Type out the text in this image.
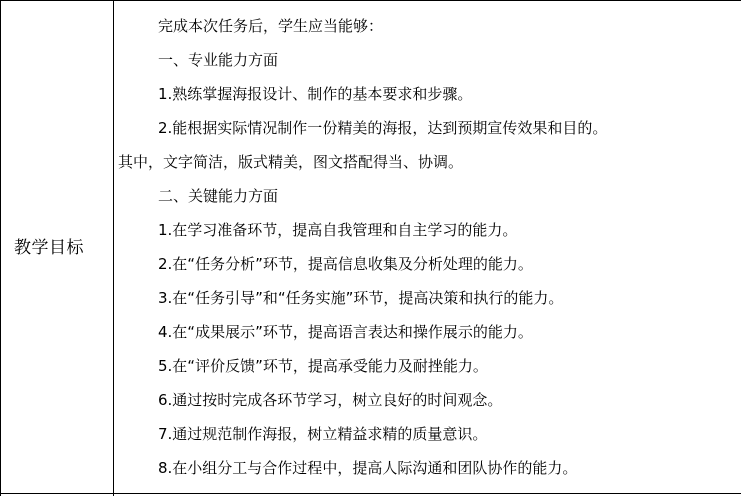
教学目标
完成本次任务后，学生应当能够：
一、专业能力方面
1.熟练掌握海报设计、制作的基本要求和步骤。
2.能根据实际情况制作一份精美的海报，达到预期宣传效果和目的。
其中，文字简洁，版式精美，图文搭配得当、协调。
二、关键能力方面
1.在学习准备环节，提高自我管理和自主学习的能力。
2.在“任务分析”环节，提高信息收集及分析处理的能力。
3.在“任务引导”和“任务实施”环节，提高决策和执行的能力。
4.在“成果展示”环节，提高语言表达和操作展示的能力。
5.在“评价反馈”环节，提高承受能力及耐挫能力。
6.通过按时完成各环节学习，树立良好的时间观念。
7.通过规范制作海报，树立精益求精的质量意识。
8.在小组分工与合作过程中，提高人际沟通和团队协作的能力。
